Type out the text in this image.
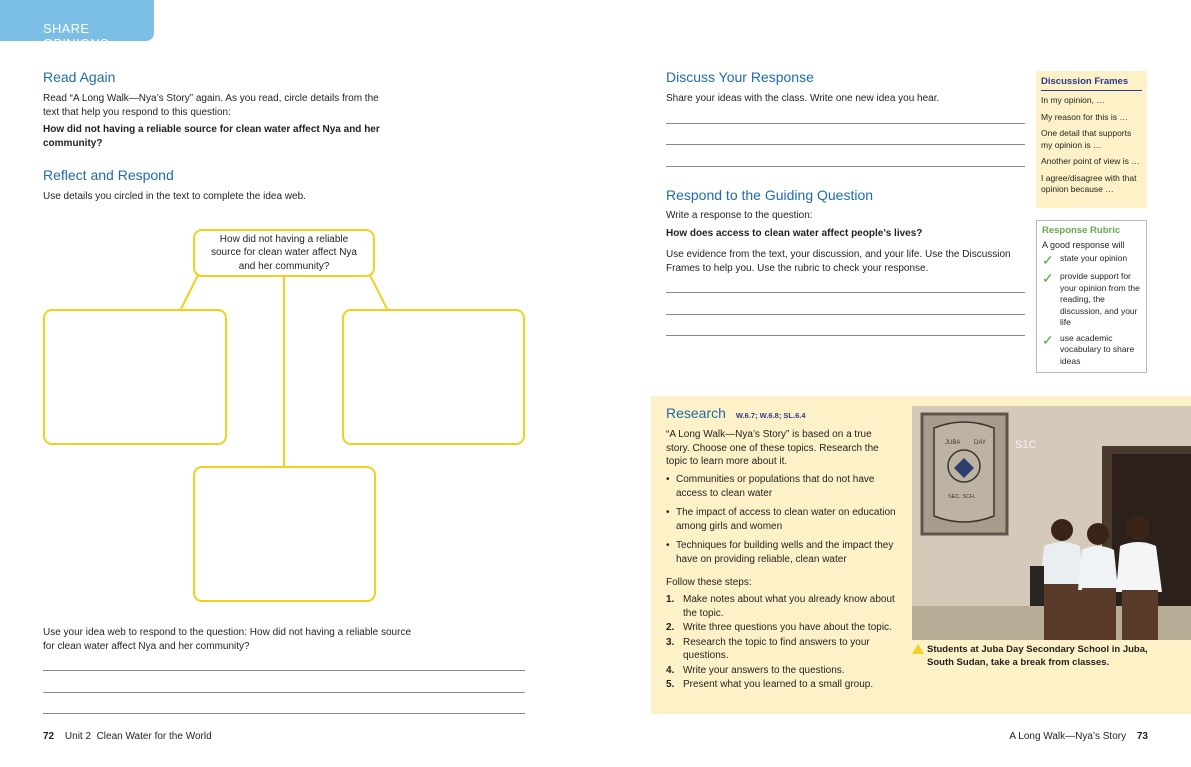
SHARE OPINIONS
Read Again
Read “A Long Walk—Nya’s Story” again. As you read, circle details from the text that help you respond to this question:
How did not having a reliable source for clean water affect Nya and her community?
Reflect and Respond
Use details you circled in the text to complete the idea web.
How did not having a reliable source for clean water affect Nya and her community?
Use your idea web to respond to the question: How did not having a reliable source for clean water affect Nya and her community?
Discuss Your Response
Share your ideas with the class. Write one new idea you hear.
Respond to the Guiding Question
Write a response to the question:
How does access to clean water affect people’s lives?
Use evidence from the text, your discussion, and your life. Use the Discussion Frames to help you. Use the rubric to check your response.
Discussion Frames
In my opinion, …
My reason for this is …
One detail that supports my opinion is …
Another point of view is …
I agree/disagree with that opinion because …
Response Rubric
A good response will
✓ state your opinion
✓ provide support for your opinion from the reading, the discussion, and your life
✓ use academic vocabulary to share ideas
Research W.6.7; W.6.8; SL.6.4
“A Long Walk—Nya’s Story” is based on a true story. Choose one of these topics. Research the topic to learn more about it.
• Communities or populations that do not have access to clean water
• The impact of access to clean water on education among girls and women
• Techniques for building wells and the impact they have on providing reliable, clean water
Follow these steps:
1. Make notes about what you already know about the topic.
2. Write three questions you have about the topic.
3. Research the topic to find answers to your questions.
4. Write your answers to the questions.
5. Present what you learned to a small group.
JUBA DAY
SEC. SCH.
S1C
Students at Juba Day Secondary School in Juba, South Sudan, take a break from classes.
72 Unit 2  Clean Water for the World	A Long Walk—Nya’s Story 73
